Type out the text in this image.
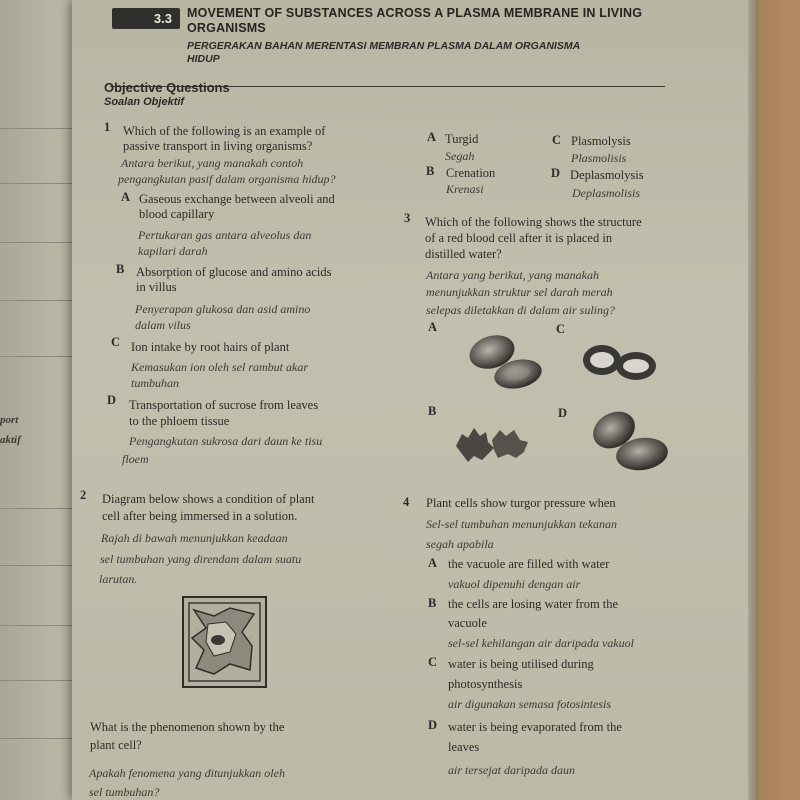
port
aktif
3.3	MOVEMENT OF SUBSTANCES ACROSS A PLASMA MEMBRANE IN LIVING
ORGANISMS
PERGERAKAN BAHAN MERENTASI MEMBRAN PLASMA DALAM ORGANISMA
HIDUP
Objective Questions
Soalan Objektif
1 Which of the following is an example of
passive transport in living organisms?
Antara berikut, yang manakah contoh
pengangkutan pasif dalam organisma hidup?
A Gaseous exchange between alveoli and
blood capillary
Pertukaran gas antara alveolus dan
kapilari darah
B Absorption of glucose and amino acids
in villus
Penyerapan glukosa dan asid amino
dalam vilus
C Ion intake by root hairs of plant
Kemasukan ion oleh sel rambut akar
tumbuhan
D Transportation of sucrose from leaves
to the phloem tissue
Pengangkutan sukrosa dari daun ke tisu
floem
A Turgid
Segah
B Crenation
Krenasi
C Plasmolysis
Plasmolisis
D Deplasmolysis
Deplasmolisis
3 Which of the following shows the structure
of a red blood cell after it is placed in
distilled water?
Antara yang berikut, yang manakah
menunjukkan struktur sel darah merah
selepas diletakkan di dalam air suling?
A	C
B	D
2 Diagram below shows a condition of plant
cell after being immersed in a solution.
Rajah di bawah menunjukkan keadaan
sel tumbuhan yang direndam dalam suatu
larutan.
What is the phenomenon shown by the
plant cell?
Apakah fenomena yang ditunjukkan oleh
sel tumbuhan?
4 Plant cells show turgor pressure when
Sel-sel tumbuhan menunjukkan tekanan
segah apabila
A the vacuole are filled with water
vakuol dipenuhi dengan air
B the cells are losing water from the
vacuole
sel-sel kehilangan air daripada vakuol
C water is being utilised during
photosynthesis
air digunakan semasa fotosintesis
D water is being evaporated from the
leaves
air tersejat daripada daun
